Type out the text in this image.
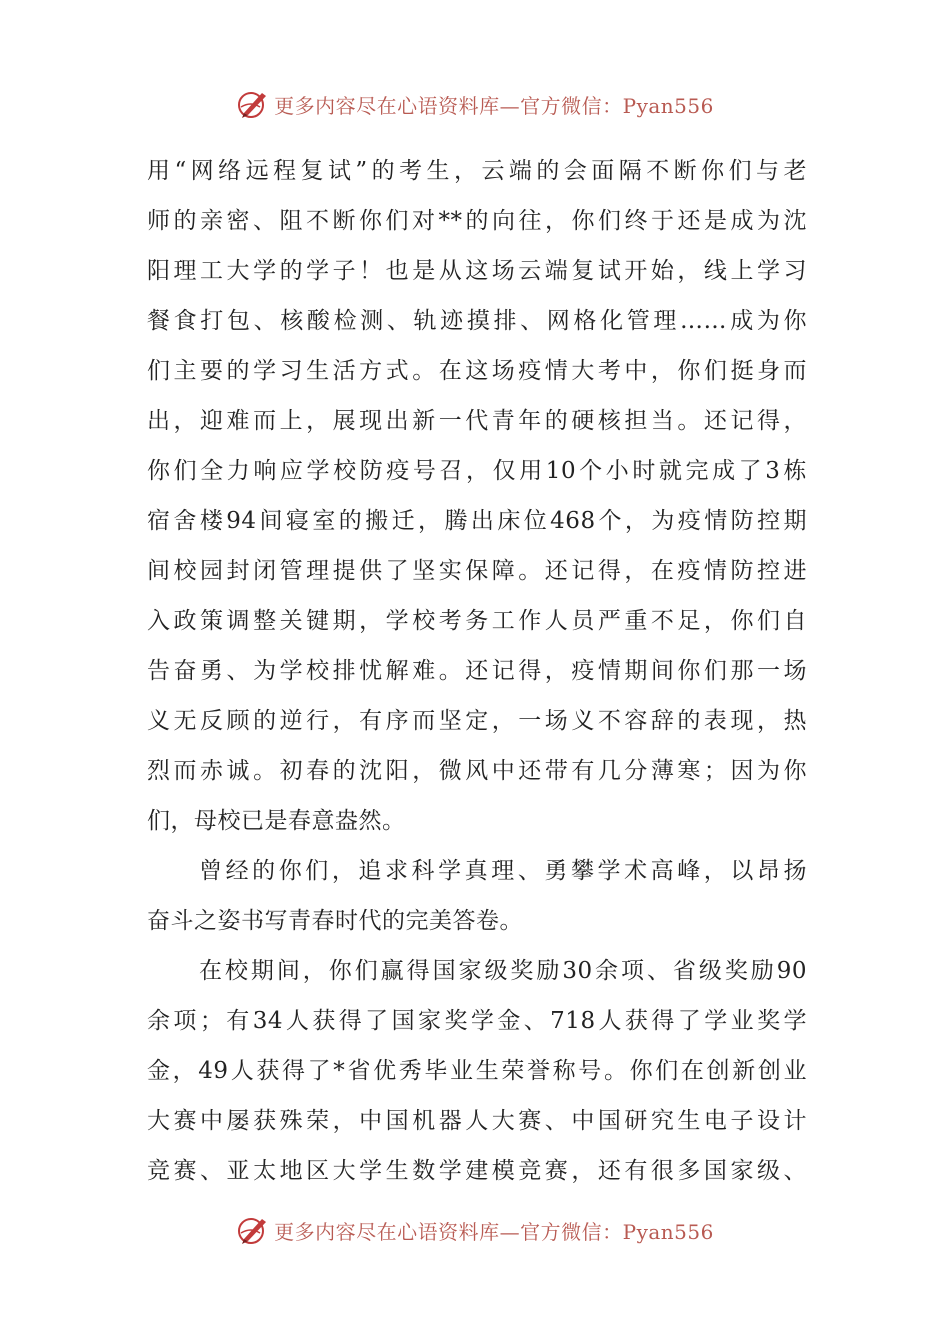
更多内容尽在心语资料库—官方微信：Pyan556
用“网络远程复试”的考生，云端的会面隔不断你们与老
师的亲密、阻不断你们对**的向往，你们终于还是成为沈
阳理工大学的学子！也是从这场云端复试开始，线上学习
餐食打包、核酸检测、轨迹摸排、网格化管理……成为你
们主要的学习生活方式。在这场疫情大考中，你们挺身而
出，迎难而上，展现出新一代青年的硬核担当。还记得，
你们全力响应学校防疫号召，仅用10个小时就完成了3栋
宿舍楼94间寝室的搬迁，腾出床位468个，为疫情防控期
间校园封闭管理提供了坚实保障。还记得，在疫情防控进
入政策调整关键期，学校考务工作人员严重不足，你们自
告奋勇、为学校排忧解难。还记得，疫情期间你们那一场
义无反顾的逆行，有序而坚定，一场义不容辞的表现，热
烈而赤诚。初春的沈阳，微风中还带有几分薄寒；因为你
们，母校已是春意盎然。
曾经的你们，追求科学真理、勇攀学术高峰，以昂扬
奋斗之姿书写青春时代的完美答卷。
在校期间，你们赢得国家级奖励30余项、省级奖励90
余项；有34人获得了国家奖学金、718人获得了学业奖学
金，49人获得了*省优秀毕业生荣誉称号。你们在创新创业
大赛中屡获殊荣，中国机器人大赛、中国研究生电子设计
竞赛、亚太地区大学生数学建模竞赛，还有很多国家级、
更多内容尽在心语资料库—官方微信：Pyan556
